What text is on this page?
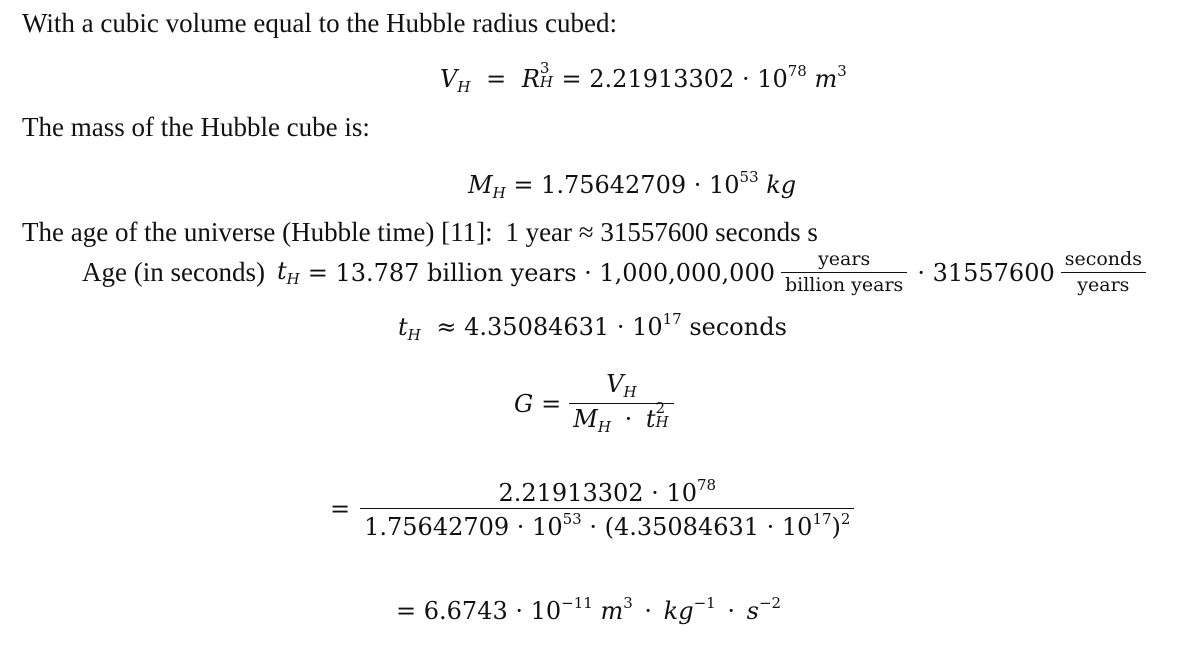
With a cubic volume equal to the Hubble radius cubed:
$V_H = R$ 3
$H = 2.21913302 \cdot 10^{78}$ $m^3$
The mass of the Hubble cube is:
$M_H = 1.75642709 \cdot 10^{53}$ kg
The age of the universe (Hubble time) [11]: 1 year ≈ 31557600 seconds s
Age (in seconds) $t_H = 13.787$ billion years · $1,000,000,000 \frac{\text{years}}{\text{billion years}} \cdot 31557600 \frac{\text{seconds}}{\text{years}}$
$t_H \approx 4.35084631 \cdot 10^{17}$ seconds
$G = V_H$
$M_H \cdot t$ 2
H
= $\frac{2.21913302 \cdot 10^{78}}{1.75642709 \cdot 10^{53} \cdot (4.35084631 \cdot 10^{17})^2}$
= $6.6743 \cdot 10^{-11}$ $m^3 \cdot kg^{-1} \cdot s^{-2}$
